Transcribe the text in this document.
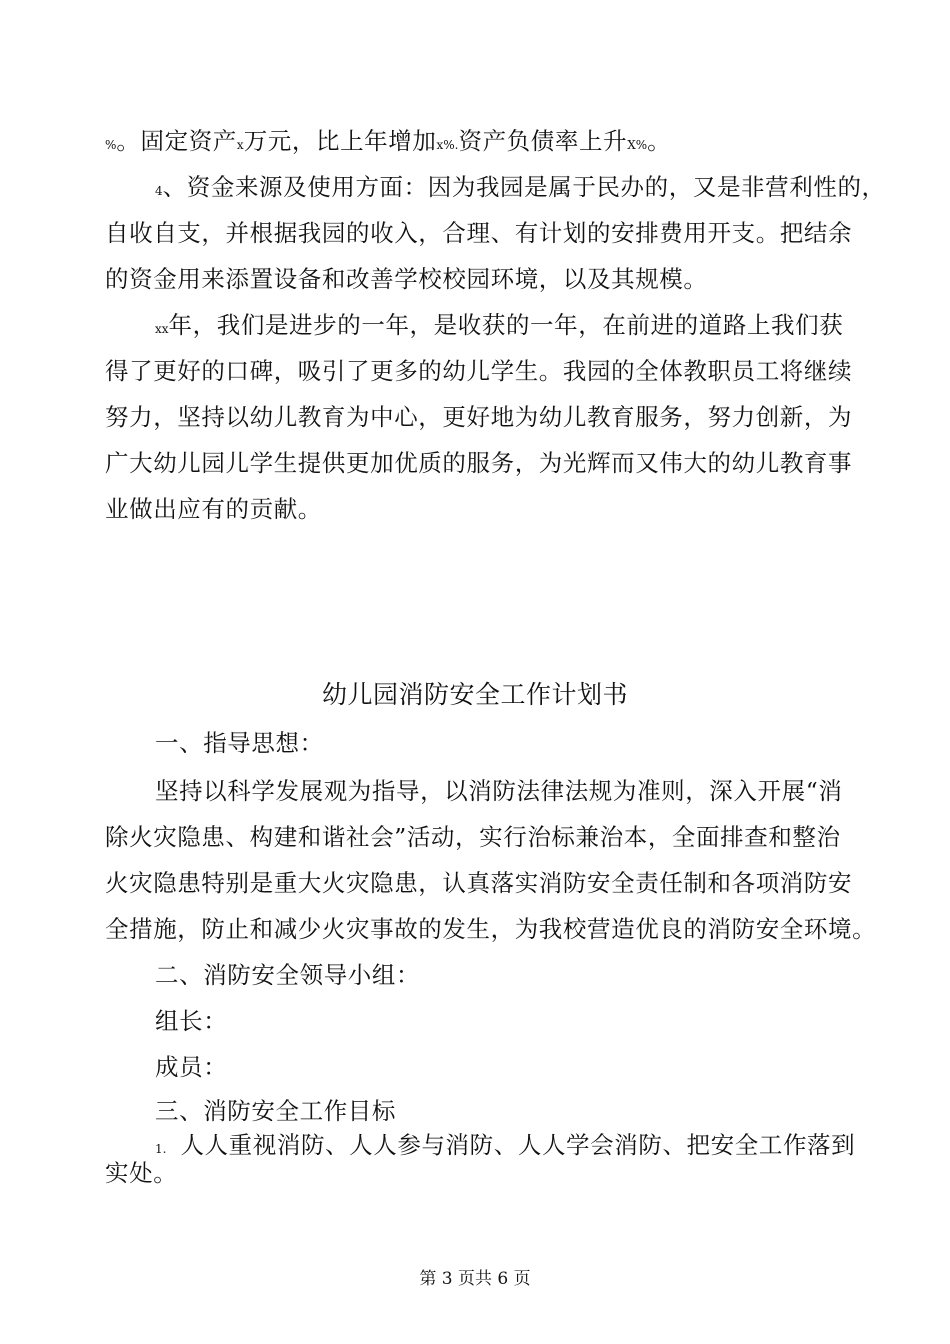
%。固定资产x万元，比上年增加x%.资产负债率上升X%。
4、资金来源及使用方面：因为我园是属于民办的，又是非营利性的，
自收自支，并根据我园的收入，合理、有计划的安排费用开支。把结余
的资金用来添置设备和改善学校校园环境，以及其规模。
xx年，我们是进步的一年，是收获的一年，在前进的道路上我们获
得了更好的口碑，吸引了更多的幼儿学生。我园的全体教职员工将继续
努力，坚持以幼儿教育为中心，更好地为幼儿教育服务，努力创新，为
广大幼儿园儿学生提供更加优质的服务，为光辉而又伟大的幼儿教育事
业做出应有的贡献。
幼儿园消防安全工作计划书
一、指导思想：
坚持以科学发展观为指导，以消防法律法规为准则，深入开展“消
除火灾隐患、构建和谐社会”活动，实行治标兼治本，全面排查和整治
火灾隐患特别是重大火灾隐患，认真落实消防安全责任制和各项消防安
全措施，防止和减少火灾事故的发生，为我校营造优良的消防安全环境。
二、消防安全领导小组：
组长：
成员：
三、消防安全工作目标
1. 人人重视消防、人人参与消防、人人学会消防、把安全工作落到
实处。
第 3 页共 6 页
